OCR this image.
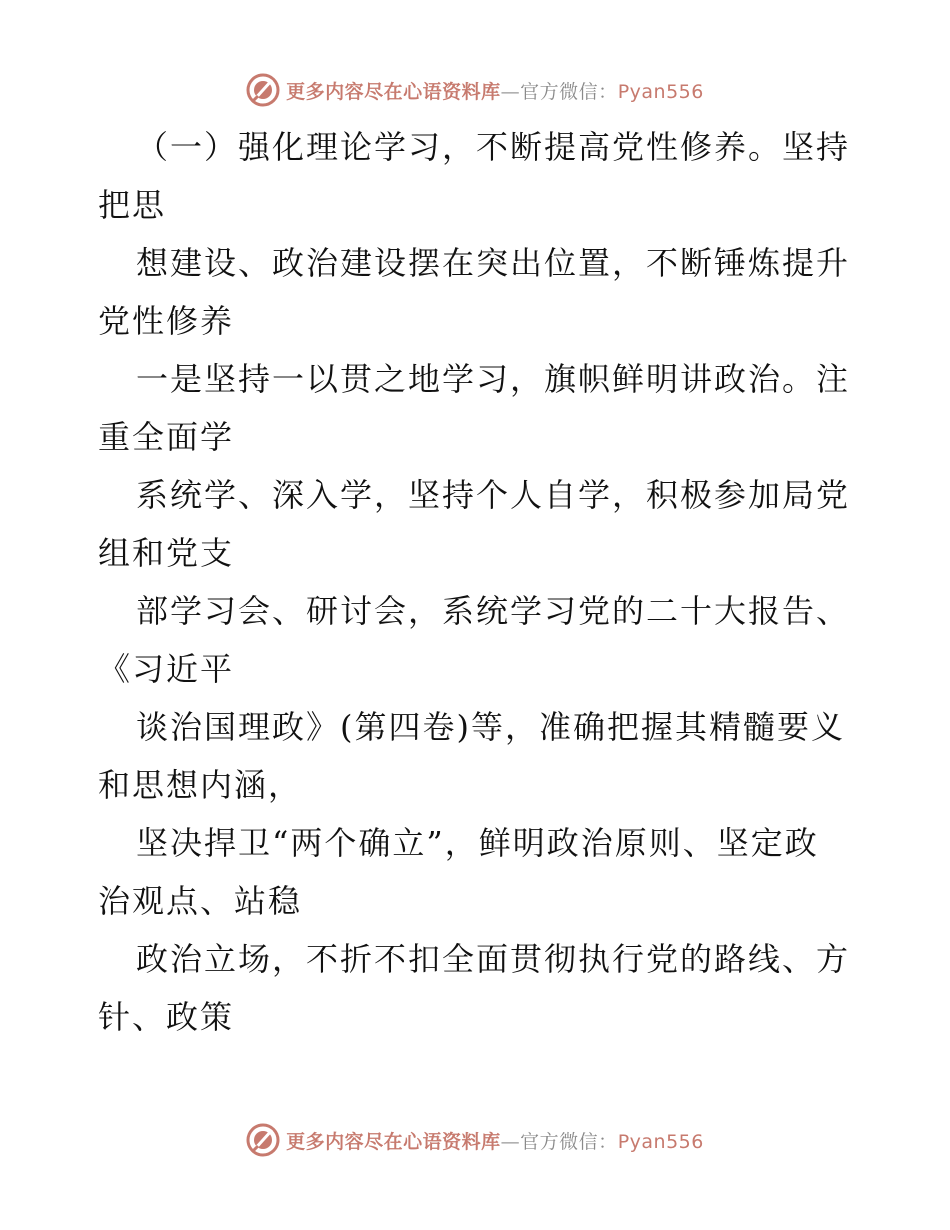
更多内容尽在心语资料库—官方微信：Pyan556
（一）强化理论学习，不断提高党性修养。坚持
把思
想建设、政治建设摆在突出位置，不断锤炼提升
党性修养
一是坚持一以贯之地学习，旗帜鲜明讲政治。注
重全面学
系统学、深入学，坚持个人自学，积极参加局党
组和党支
部学习会、研讨会，系统学习党的二十大报告、
《习近平
谈治国理政》(第四卷)等，准确把握其精髓要义
和思想内涵，
坚决捍卫“两个确立”，鲜明政治原则、坚定政
治观点、站稳
政治立场，不折不扣全面贯彻执行党的路线、方
针、政策
更多内容尽在心语资料库—官方微信：Pyan556
